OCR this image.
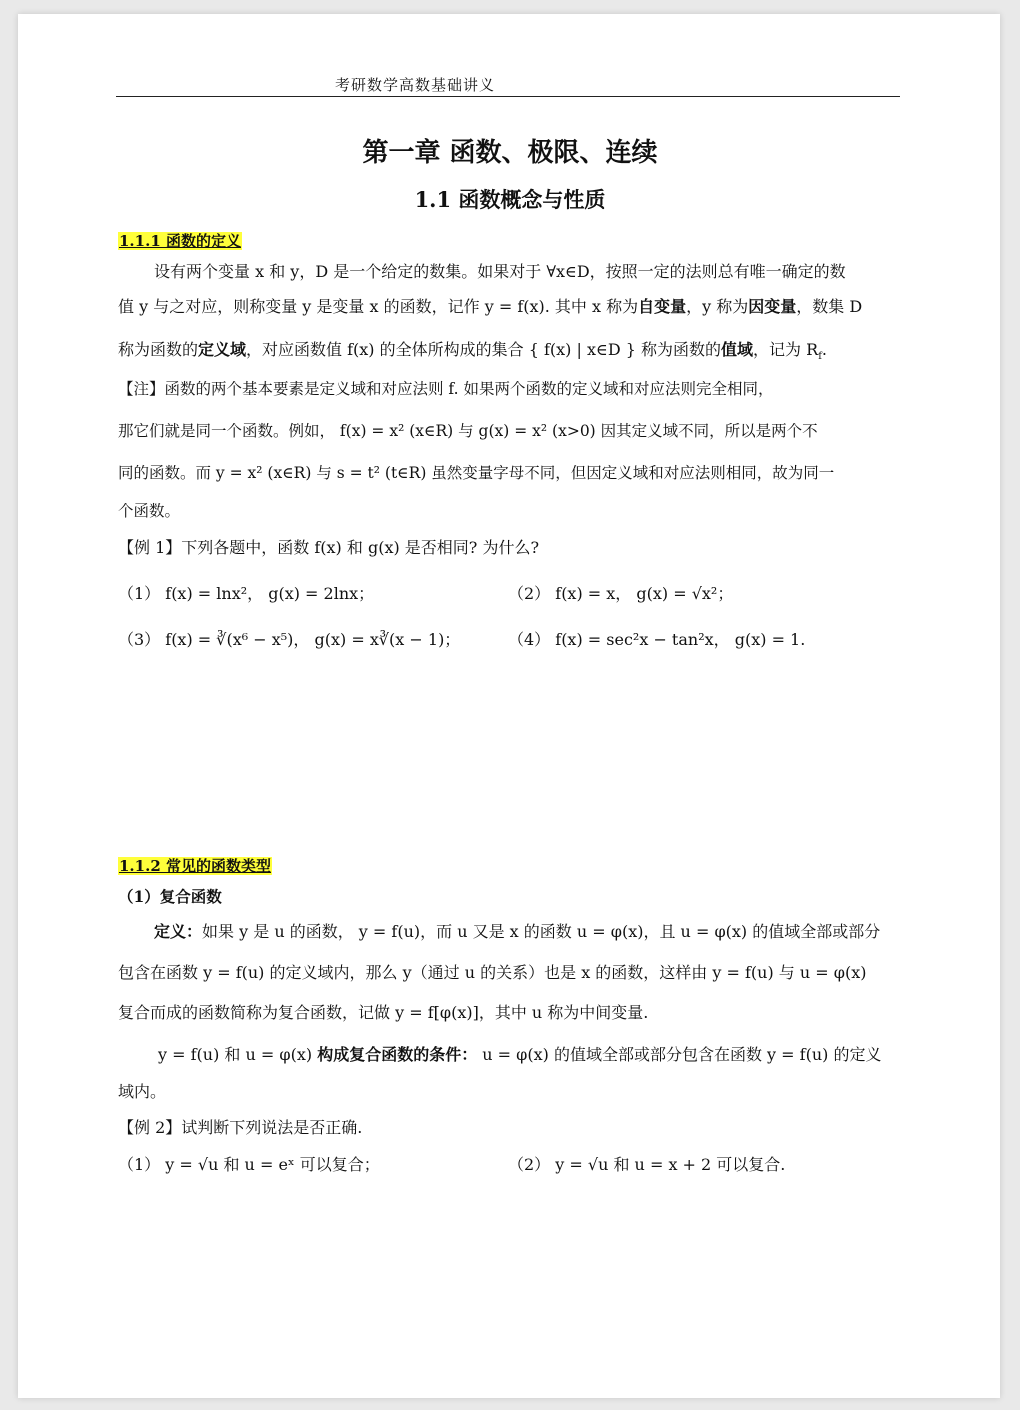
考研数学高数基础讲义
第一章 函数、极限、连续
1.1 函数概念与性质
1.1.1 函数的定义
设有两个变量 x 和 y，D 是一个给定的数集。如果对于 ∀x∈D，按照一定的法则总有唯一确定的数
值 y 与之对应，则称变量 y 是变量 x 的函数，记作 y = f(x). 其中 x 称为自变量，y 称为因变量，数集 D
称为函数的定义域，对应函数值 f(x) 的全体所构成的集合 { f(x) | x∈D } 称为函数的值域，记为 $R_f$.
【注】函数的两个基本要素是定义域和对应法则 f. 如果两个函数的定义域和对应法则完全相同，
那它们就是同一个函数。例如， f(x) = x² (x∈R) 与 g(x) = x² (x>0) 因其定义域不同，所以是两个不
同的函数。而 y = x² (x∈R) 与 s = t² (t∈R) 虽然变量字母不同，但因定义域和对应法则相同，故为同一
个函数。
【例 1】下列各题中，函数 f(x) 和 g(x) 是否相同? 为什么?
（1） f(x) = lnx²， g(x) = 2lnx；	（2） f(x) = x， g(x) = √x²；
（3） f(x) = ∛(x⁶ − x⁵)， g(x) = x∛(x − 1)；	（4） f(x) = sec²x − tan²x， g(x) = 1.
1.1.2 常见的函数类型
（1）复合函数
定义：如果 y 是 u 的函数， y = f(u)，而 u 又是 x 的函数 u = φ(x)，且 u = φ(x) 的值域全部或部分
包含在函数 y = f(u) 的定义域内，那么 y（通过 u 的关系）也是 x 的函数，这样由 y = f(u) 与 u = φ(x)
复合而成的函数简称为复合函数，记做 y = f[φ(x)]，其中 u 称为中间变量.
y = f(u) 和 u = φ(x) 构成复合函数的条件： u = φ(x) 的值域全部或部分包含在函数 y = f(u) 的定义
域内。
【例 2】试判断下列说法是否正确.
（1） y = √u 和 u = eˣ 可以复合；	（2） y = √u 和 u = x + 2 可以复合.
